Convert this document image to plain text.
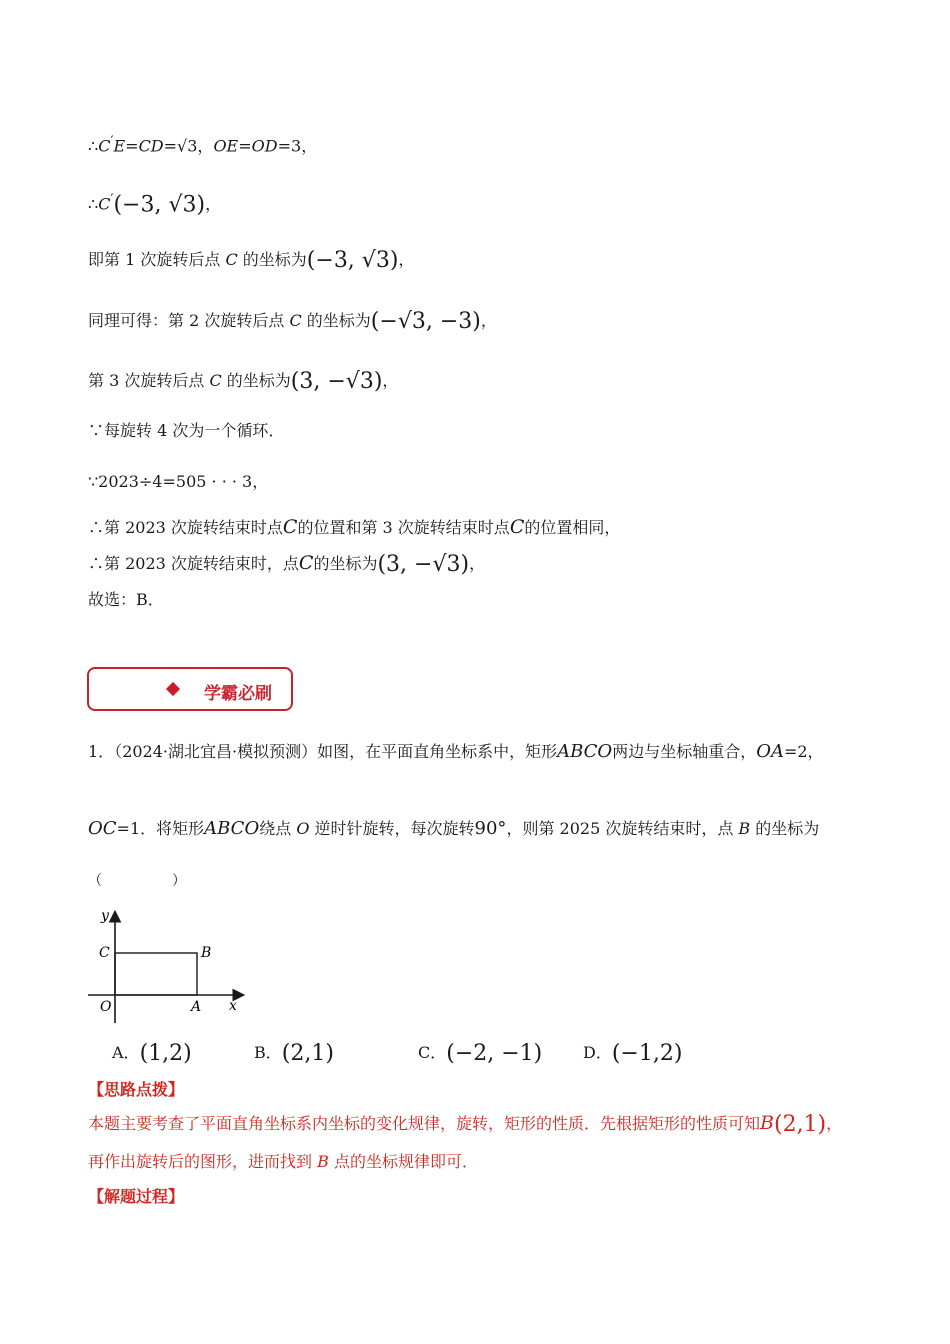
∴C′E=CD=√3，OE=OD=3，
∴C′(−3, √3)，
即第 1 次旋转后点 C 的坐标为(−3, √3)，
同理可得：第 2 次旋转后点 C 的坐标为(−√3, −3)，
第 3 次旋转后点 C 的坐标为(3, −√3)，
∵每旋转 4 次为一个循环．
∵2023÷4=505 · · · 3，
∴第 2023 次旋转结束时点C的位置和第 3 次旋转结束时点C的位置相同，
∴第 2023 次旋转结束时，点C的坐标为(3, −√3)，
故选：B．
学霸必刷
1．（2024·湖北宜昌·模拟预测）如图，在平面直角坐标系中，矩形ABCO两边与坐标轴重合，OA=2，
OC=1．将矩形ABCO绕点 O 逆时针旋转，每次旋转90°，则第 2025 次旋转结束时，点 B 的坐标为
（　　　　　）
y
x
O	A
B
C
A．(1,2)	B．(2,1)	C．(−2, −1)	D．(−1,2)
【思路点拨】
本题主要考查了平面直角坐标系内坐标的变化规律，旋转，矩形的性质．先根据矩形的性质可知B(2,1)，
再作出旋转后的图形，进而找到 B 点的坐标规律即可．
【解题过程】
